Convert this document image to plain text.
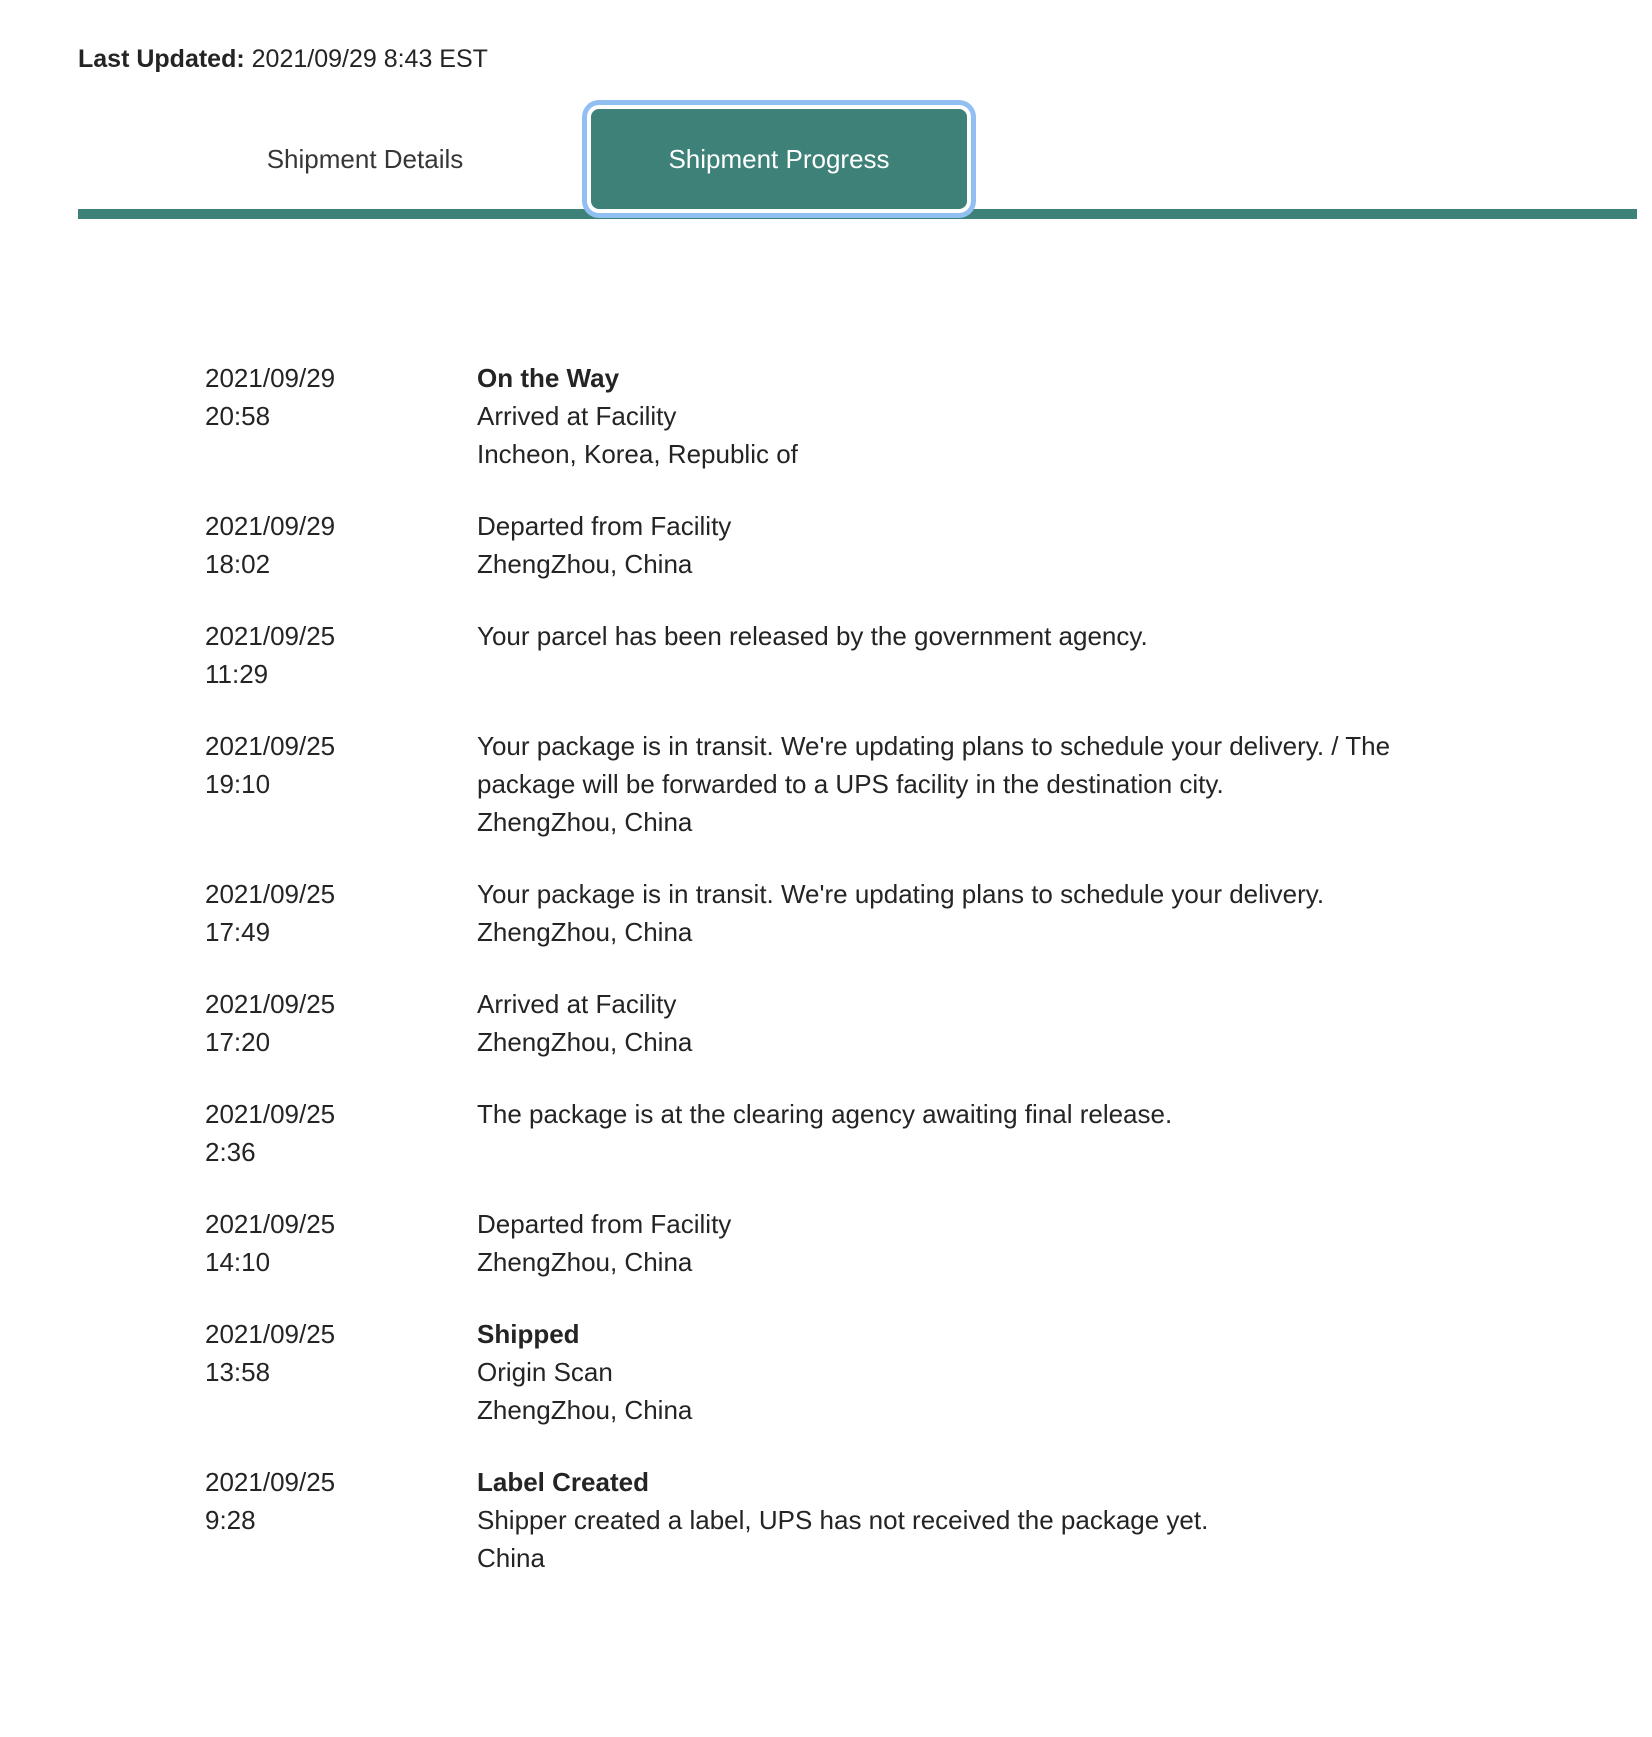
Last Updated: 2021/09/29 8:43 EST
Shipment Details	Shipment Progress
2021/09/29
20:58
On the Way
Arrived at Facility
Incheon, Korea, Republic of
2021/09/29
18:02
Departed from Facility
ZhengZhou, China
2021/09/25
11:29
Your parcel has been released by the government agency.
2021/09/25
19:10
Your package is in transit. We're updating plans to schedule your delivery. / The
package will be forwarded to a UPS facility in the destination city.
ZhengZhou, China
2021/09/25
17:49
Your package is in transit. We're updating plans to schedule your delivery.
ZhengZhou, China
2021/09/25
17:20
Arrived at Facility
ZhengZhou, China
2021/09/25
2:36
The package is at the clearing agency awaiting final release.
2021/09/25
14:10
Departed from Facility
ZhengZhou, China
2021/09/25
13:58
Shipped
Origin Scan
ZhengZhou, China
2021/09/25
9:28
Label Created
Shipper created a label, UPS has not received the package yet.
China
